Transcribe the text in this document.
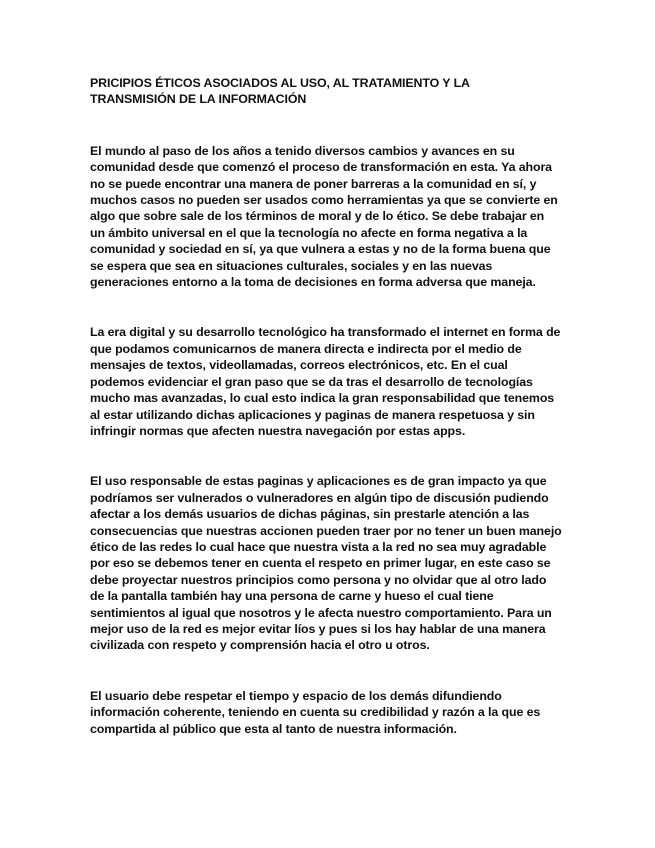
PRICIPIOS ÉTICOS ASOCIADOS AL USO, AL TRATAMIENTO Y LA
TRANSMISIÓN DE LA INFORMACIÓN

El mundo al paso de los años a tenido diversos cambios y avances en su comunidad desde que comenzó el proceso de transformación en esta. Ya ahora no se puede encontrar una manera de poner barreras a la comunidad en sí, y muchos casos no pueden ser usados como herramientas ya que se convierte en algo que sobre sale de los términos de moral y de lo ético. Se debe trabajar en un ámbito universal en el que la tecnología no afecte en forma negativa a la comunidad y sociedad en sí, ya que vulnera a estas y no de la forma buena que se espera que sea en situaciones culturales, sociales y en las nuevas generaciones entorno a la toma de decisiones en forma adversa que maneja.

La era digital y su desarrollo tecnológico ha transformado el internet en forma de que podamos comunicarnos de manera directa e indirecta por el medio de mensajes de textos, videollamadas, correos electrónicos, etc. En el cual podemos evidenciar el gran paso que se da tras el desarrollo de tecnologías mucho mas avanzadas, lo cual esto indica la gran responsabilidad que tenemos al estar utilizando dichas aplicaciones y paginas de manera respetuosa y sin infringir normas que afecten nuestra navegación por estas apps.

El uso responsable de estas paginas y aplicaciones es de gran impacto ya que podríamos ser vulnerados o vulneradores en algún tipo de discusión pudiendo afectar a los demás usuarios de dichas páginas, sin prestarle atención a las consecuencias que nuestras accionen pueden traer por no tener un buen manejo ético de las redes lo cual hace que nuestra vista a la red no sea muy agradable por eso se debemos tener en cuenta el respeto en primer lugar, en este caso se debe proyectar nuestros principios como persona y no olvidar que al otro lado de la pantalla también hay una persona de carne y hueso el cual tiene sentimientos al igual que nosotros y le afecta nuestro comportamiento. Para un mejor uso de la red es mejor evitar líos y pues si los hay hablar de una manera civilizada con respeto y comprensión hacia el otro u otros.

El usuario debe respetar el tiempo y espacio de los demás difundiendo información coherente, teniendo en cuenta su credibilidad y razón a la que es compartida al público que esta al tanto de nuestra información.
